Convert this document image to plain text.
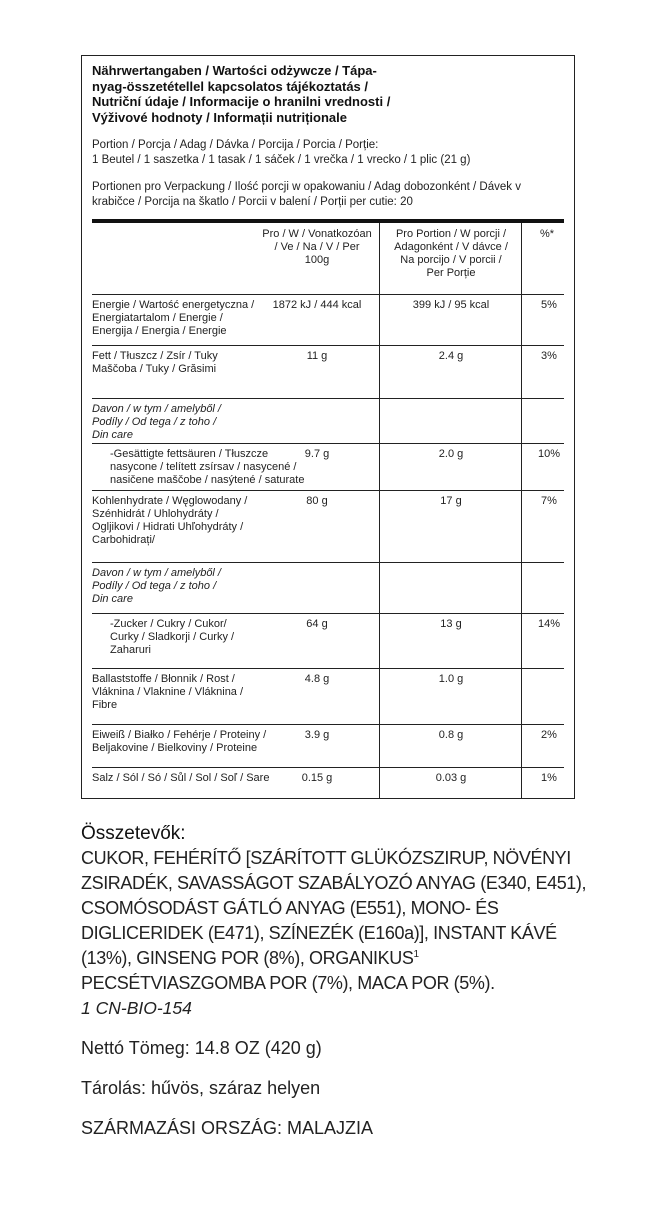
Nährwertangaben / Wartości odżywcze / Tápa-
nyag-összetétellel kapcsolatos tájékoztatás /
Nutriční údaje / Informacije o hranilni vrednosti /
Výživové hodnoty / Informații nutriționale
Portion / Porcja / Adag / Dávka / Porcija / Porcia / Porție:
1 Beutel / 1 saszetka / 1 tasak / 1 sáček / 1 vrečka / 1 vrecko / 1 plic (21 g)
Portionen pro Verpackung / Ilość porcji w opakowaniu / Adag dobozonként / Dávek v
krabičce / Porcija na škatlo / Porcii v balení / Porții per cutie: 20
Pro / W / Vonatkozóan
/ Ve / Na / V / Per
100g
Pro Portion / W porcji /
Adagonként / V dávce /
Na porcijo / V porcii /
Per Porție
%*
Energie / Wartość energetyczna /
Energiatartalom / Energie /
Energija / Energia / Energie
1872 kJ / 444 kcal	399 kJ / 95 kcal	5%
Fett / Tłuszcz / Zsír / Tuky
Maščoba / Tuky / Grăsimi
11 g	2.4 g	3%
Davon / w tym / amelyből /
Podíly / Od tega / z toho /
Din care
-Gesättigte fettsäuren / Tłuszcze
nasycone / telített zsírsav / nasycené /
nasičene maščobe / nasýtené / saturate
9.7 g	2.0 g	10%
Kohlenhydrate / Węglowodany /
Szénhidrát / Uhlohydráty /
Ogljikovi / Hidrati Uhľohydráty /
Carbohidrați/
80 g	17 g	7%
Davon / w tym / amelyből /
Podíly / Od tega / z toho /
Din care
-Zucker / Cukry / Cukor/
Curky / Sladkorji / Curky /
Zaharuri
64 g	13 g	14%
Ballaststoffe / Błonnik / Rost /
Vláknina / Vlaknine / Vláknina /
Fibre
4.8 g	1.0 g
Eiweiß / Białko / Fehérje / Proteiny /
Beljakovine / Bielkoviny / Proteine
3.9 g	0.8 g	2%
Salz / Sól / Só / Sůl / Sol / Soľ / Sare	0.15 g	0.03 g	1%
Összetevők:
CUKOR, FEHÉRÍTŐ [SZÁRÍTOTT GLÜKÓZSZIRUP, NÖVÉNYI
ZSIRADÉK, SAVASSÁGOT SZABÁLYOZÓ ANYAG (E340, E451),
CSOMÓSODÁST GÁTLÓ ANYAG (E551), MONO- ÉS
DIGLICERIDEK (E471), SZÍNEZÉK (E160a)], INSTANT KÁVÉ
(13%), GINSENG POR (8%), ORGANIKUS$^1$
PECSÉTVIASZGOMBA POR (7%), MACA POR (5%).
1 CN-BIO-154
Nettó Tömeg: 14.8 OZ (420 g)
Tárolás: hűvös, száraz helyen
SZÁRMAZÁSI ORSZÁG: MALAJZIA
